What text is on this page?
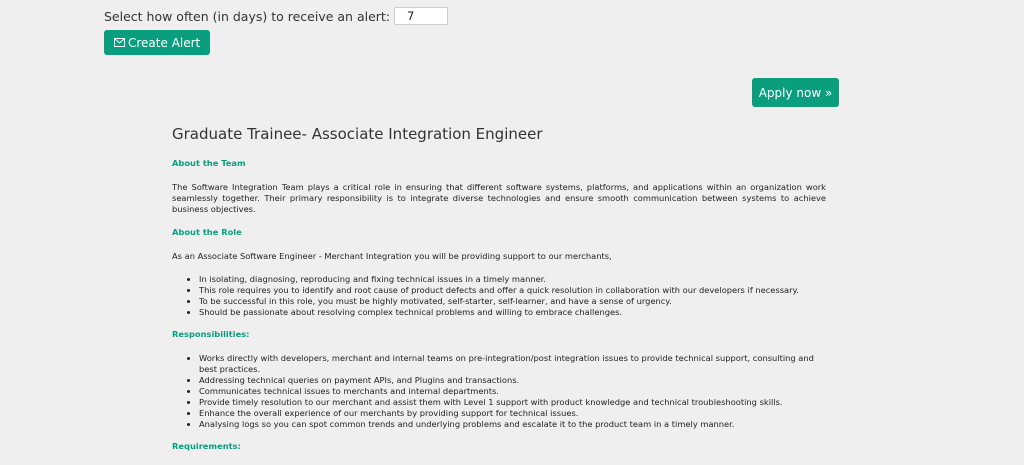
Select how often (in days) to receive an alert:
7
Create Alert
Apply now »
Graduate Trainee- Associate Integration Engineer
About the Team

The Software Integration Team plays a critical role in ensuring that different software systems, platforms, and applications within an organization work seamlessly together. Their primary responsibility is to integrate diverse technologies and ensure smooth communication between systems to achieve business objectives.

About the Role

As an Associate Software Engineer - Merchant Integration you will be providing support to our merchants,

• In isolating, diagnosing, reproducing and fixing technical issues in a timely manner.
• This role requires you to identify and root cause of product defects and offer a quick resolution in collaboration with our developers if necessary.
• To be successful in this role, you must be highly motivated, self-starter, self-learner, and have a sense of urgency.
• Should be passionate about resolving complex technical problems and willing to embrace challenges.
Responsibilities:
• Works directly with developers, merchant and internal teams on pre-integration/post integration issues to provide technical support, consulting and best practices.
• Addressing technical queries on payment APIs, and Plugins and transactions.
• Communicates technical issues to merchants and internal departments.
• Provide timely resolution to our merchant and assist them with Level 1 support with product knowledge and technical troubleshooting skills.
• Enhance the overall experience of our merchants by providing support for technical issues.
• Analysing logs so you can spot common trends and underlying problems and escalate it to the product team in a timely manner.
Requirements:
